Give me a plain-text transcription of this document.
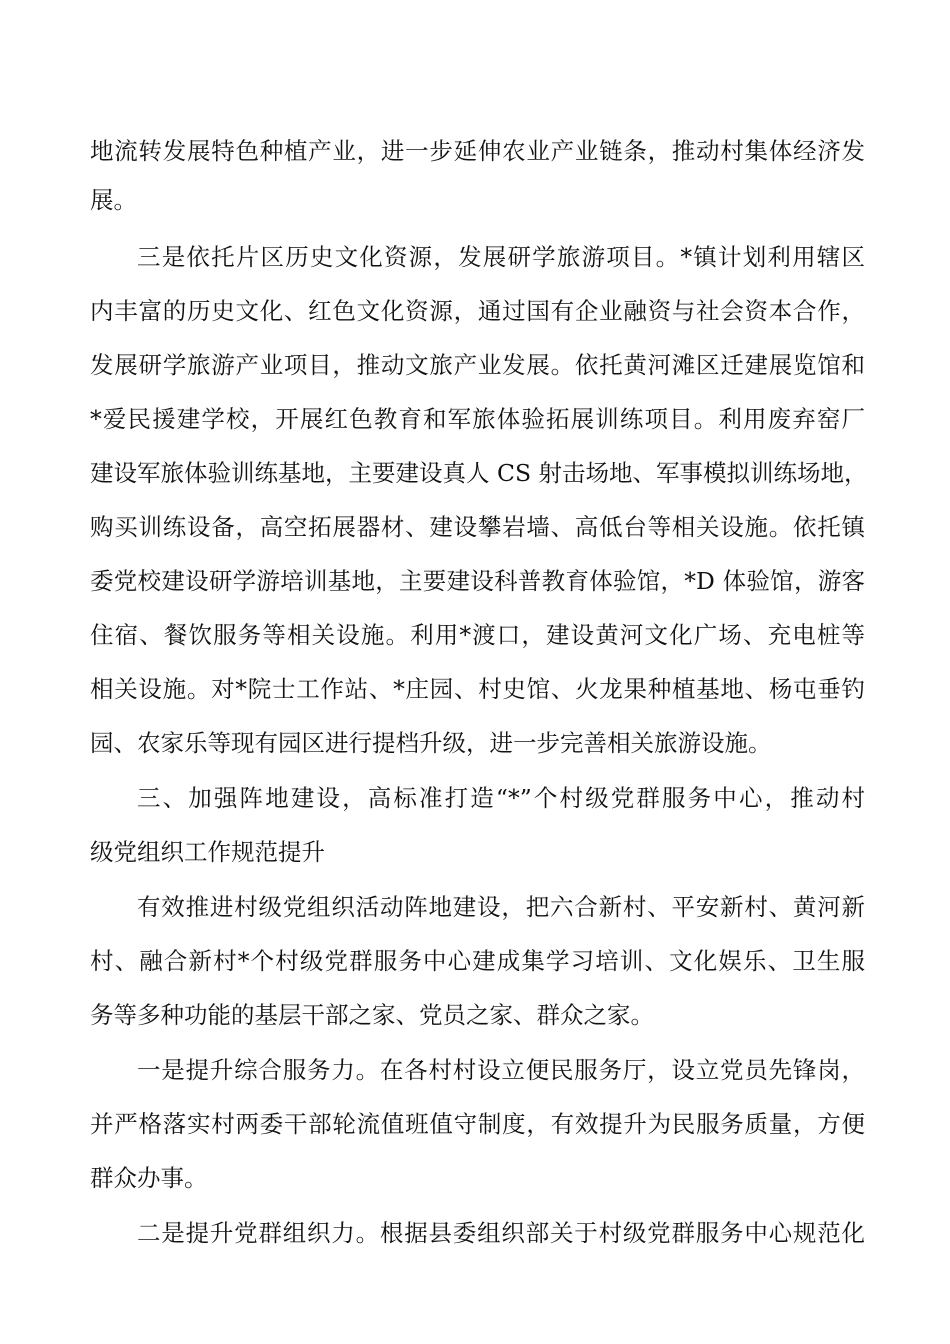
地流转发展特色种植产业，进一步延伸农业产业链条，推动村集体经济发
展。
三是依托片区历史文化资源，发展研学旅游项目。*镇计划利用辖区
内丰富的历史文化、红色文化资源，通过国有企业融资与社会资本合作，
发展研学旅游产业项目，推动文旅产业发展。依托黄河滩区迁建展览馆和
*爱民援建学校，开展红色教育和军旅体验拓展训练项目。利用废弃窑厂
建设军旅体验训练基地，主要建设真人 CS 射击场地、军事模拟训练场地，
购买训练设备，高空拓展器材、建设攀岩墙、高低台等相关设施。依托镇
委党校建设研学游培训基地，主要建设科普教育体验馆，*D 体验馆，游客
住宿、餐饮服务等相关设施。利用*渡口，建设黄河文化广场、充电桩等
相关设施。对*院士工作站、*庄园、村史馆、火龙果种植基地、杨屯垂钓
园、农家乐等现有园区进行提档升级，进一步完善相关旅游设施。
三、加强阵地建设，高标准打造“*”个村级党群服务中心，推动村
级党组织工作规范提升
有效推进村级党组织活动阵地建设，把六合新村、平安新村、黄河新
村、融合新村*个村级党群服务中心建成集学习培训、文化娱乐、卫生服
务等多种功能的基层干部之家、党员之家、群众之家。
一是提升综合服务力。在各村村设立便民服务厅，设立党员先锋岗，
并严格落实村两委干部轮流值班值守制度，有效提升为民服务质量，方便
群众办事。
二是提升党群组织力。根据县委组织部关于村级党群服务中心规范化
